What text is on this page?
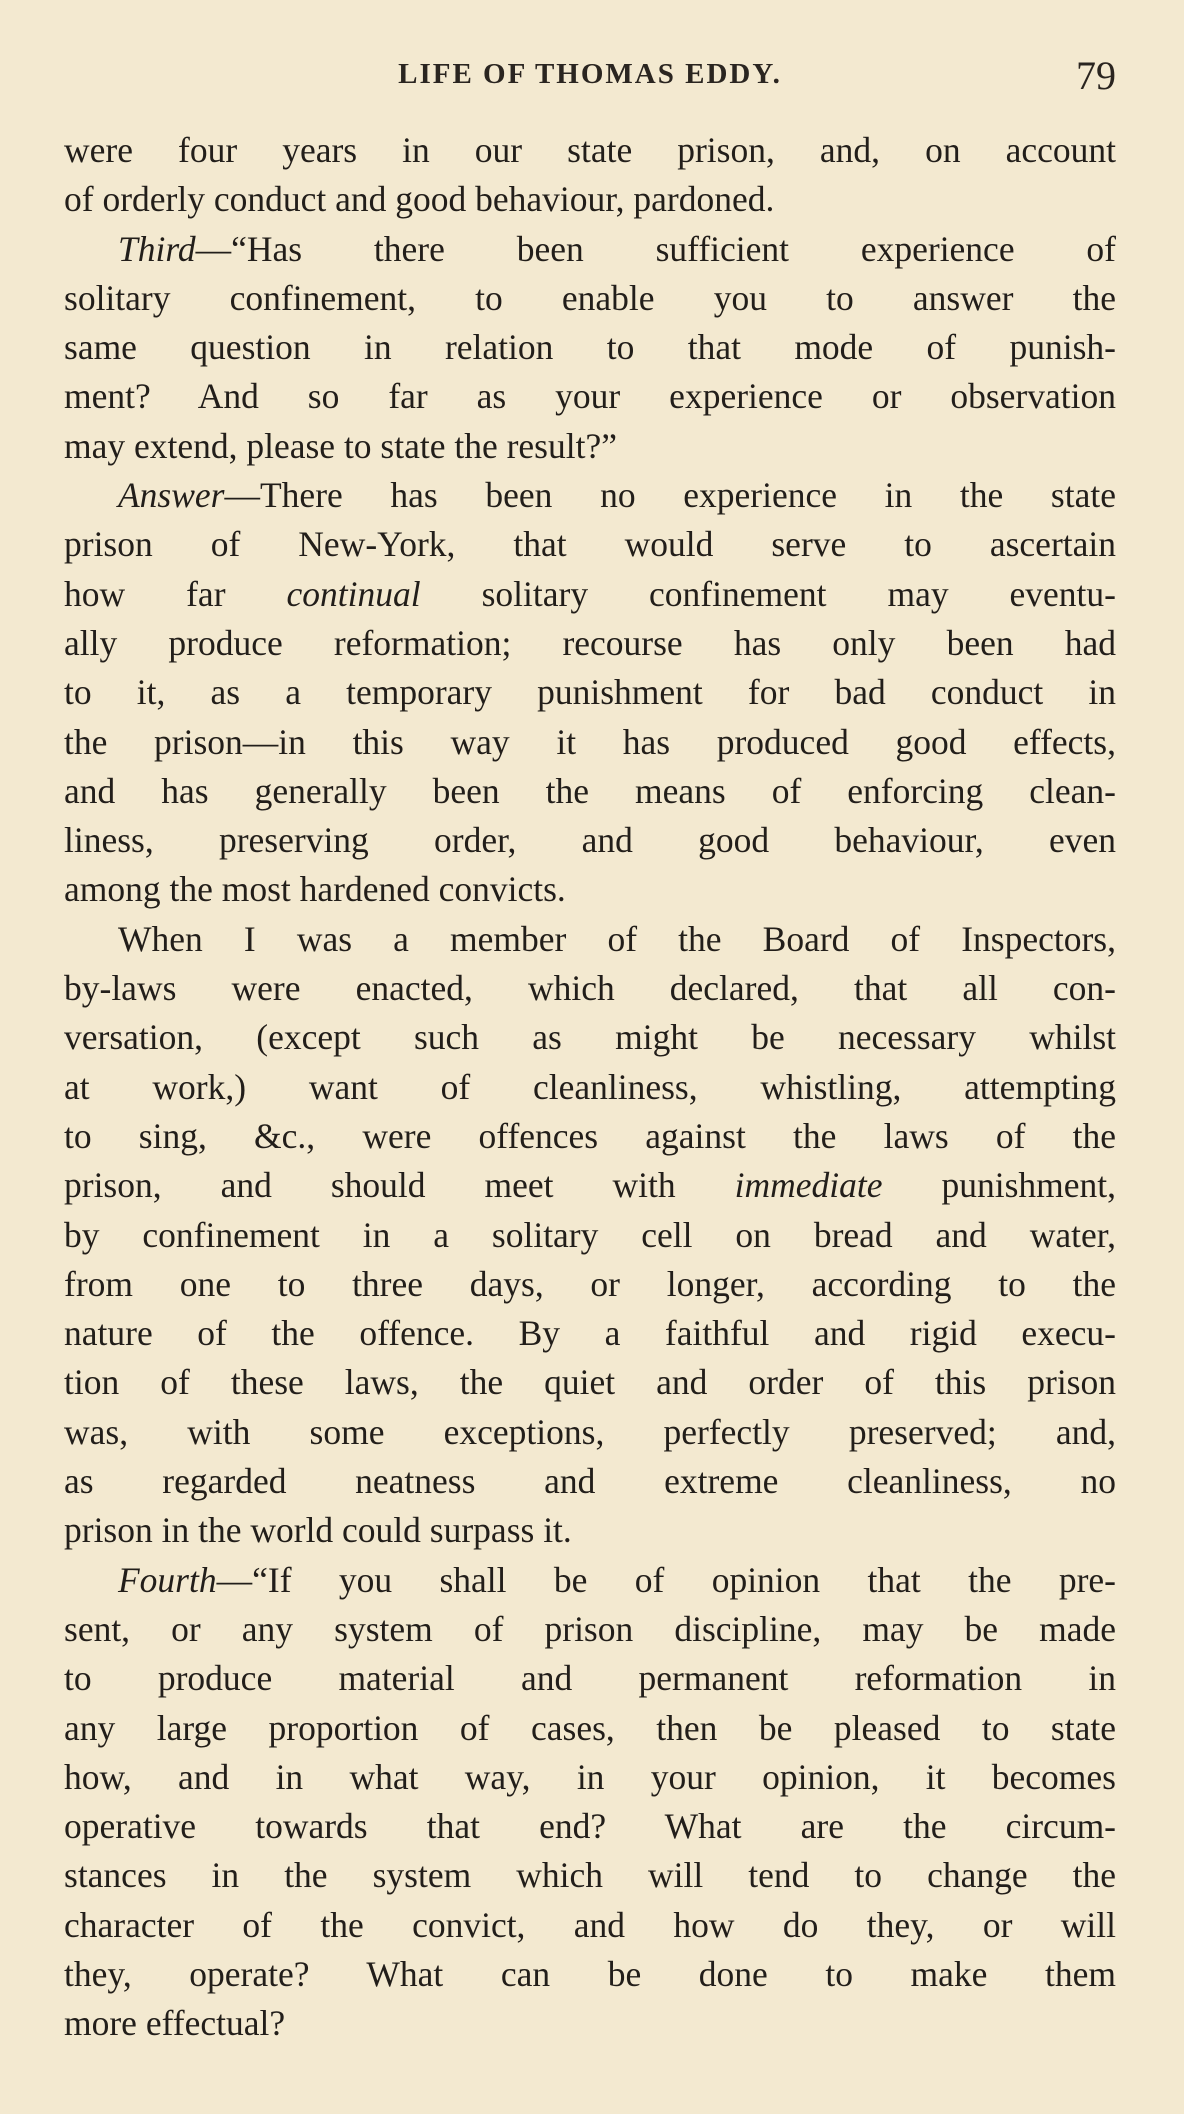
LIFE OF THOMAS EDDY.	79
were four years in our state prison, and, on account
of orderly conduct and good behaviour, pardoned.
Third—“Has there been sufficient experience of
solitary confinement, to enable you to answer the
same question in relation to that mode of punish-
ment? And so far as your experience or observation
may extend, please to state the result?”
Answer—There has been no experience in the state
prison of New-York, that would serve to ascertain
how far continual solitary confinement may eventu-
ally produce reformation; recourse has only been had
to it, as a temporary punishment for bad conduct in
the prison—in this way it has produced good effects,
and has generally been the means of enforcing clean-
liness, preserving order, and good behaviour, even
among the most hardened convicts.
When I was a member of the Board of Inspectors,
by-laws were enacted, which declared, that all con-
versation, (except such as might be necessary whilst
at work,) want of cleanliness, whistling, attempting
to sing, &c., were offences against the laws of the
prison, and should meet with immediate punishment,
by confinement in a solitary cell on bread and water,
from one to three days, or longer, according to the
nature of the offence. By a faithful and rigid execu-
tion of these laws, the quiet and order of this prison
was, with some exceptions, perfectly preserved; and,
as regarded neatness and extreme cleanliness, no
prison in the world could surpass it.
Fourth—“If you shall be of opinion that the pre-
sent, or any system of prison discipline, may be made
to produce material and permanent reformation in
any large proportion of cases, then be pleased to state
how, and in what way, in your opinion, it becomes
operative towards that end? What are the circum-
stances in the system which will tend to change the
character of the convict, and how do they, or will
they, operate? What can be done to make them
more effectual?
